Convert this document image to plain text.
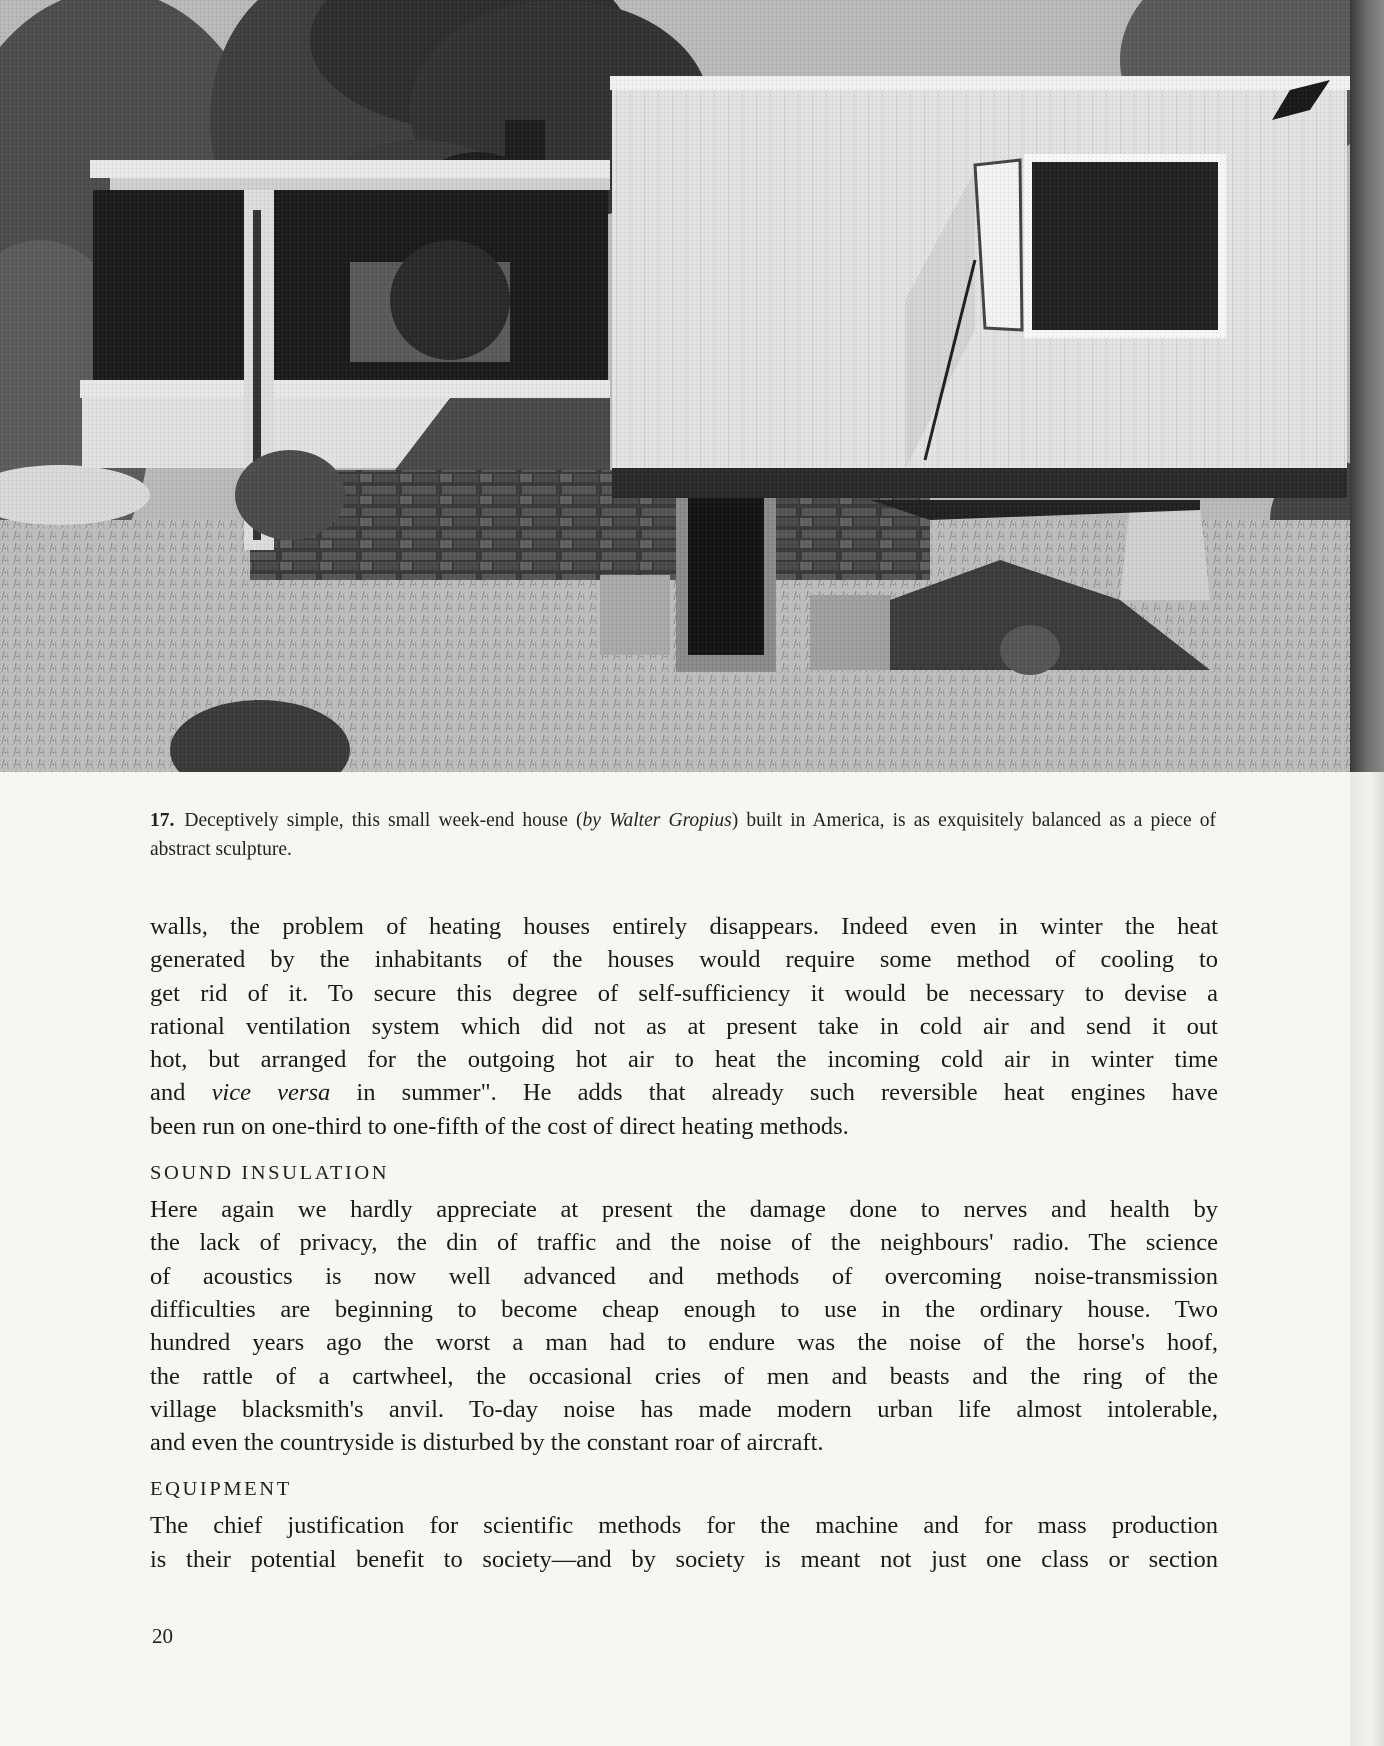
17. Deceptively simple, this small week-end house (by Walter Gropius) built in America, is as exquisitely balanced as a piece of abstract sculpture.

walls, the problem of heating houses entirely disappears. Indeed even in winter the heat
generated by the inhabitants of the houses would require some method of cooling to
get rid of it. To secure this degree of self-sufficiency it would be necessary to devise a
rational ventilation system which did not as at present take in cold air and send it out
hot, but arranged for the outgoing hot air to heat the incoming cold air in winter time
and vice versa in summer". He adds that already such reversible heat engines have
been run on one-third to one-fifth of the cost of direct heating methods.

SOUND INSULATION

Here again we hardly appreciate at present the damage done to nerves and health by
the lack of privacy, the din of traffic and the noise of the neighbours' radio. The science
of acoustics is now well advanced and methods of overcoming noise-transmission
difficulties are beginning to become cheap enough to use in the ordinary house. Two
hundred years ago the worst a man had to endure was the noise of the horse's hoof,
the rattle of a cartwheel, the occasional cries of men and beasts and the ring of the
village blacksmith's anvil. To-day noise has made modern urban life almost intolerable,
and even the countryside is disturbed by the constant roar of aircraft.

EQUIPMENT

The chief justification for scientific methods for the machine and for mass production
is their potential benefit to society—and by society is meant not just one class or section

20
